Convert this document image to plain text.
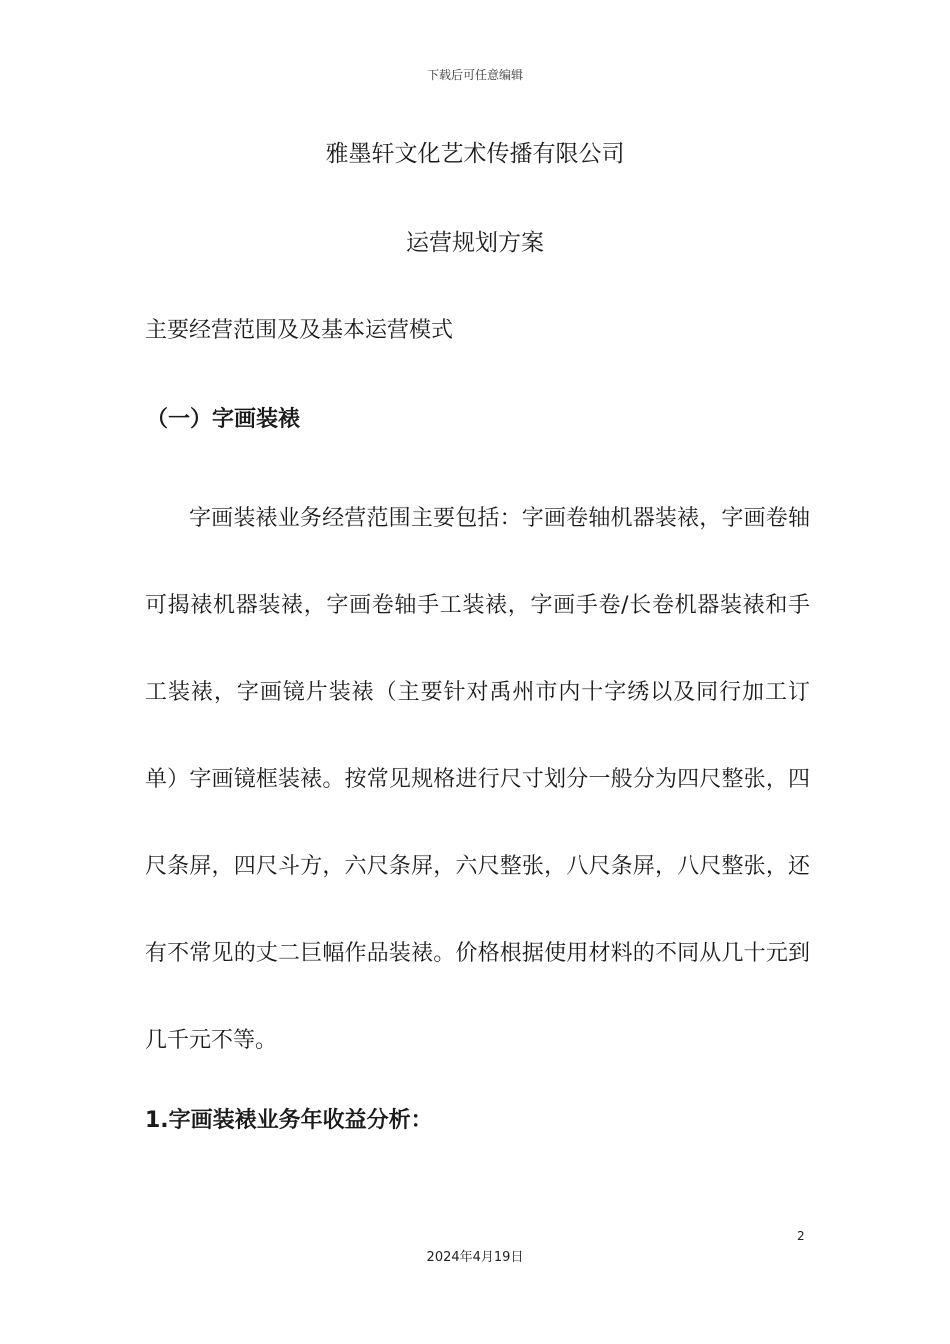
下载后可任意编辑
雅墨轩文化艺术传播有限公司
运营规划方案
主要经营范围及及基本运营模式
（一）字画装裱

字画装裱业务经营范围主要包括：字画卷轴机器装裱，字画卷轴可揭裱机器装裱，字画卷轴手工装裱，字画手卷/长卷机器装裱和手工装裱，字画镜片装裱（主要针对禹州市内十字绣以及同行加工订单）字画镜框装裱。按常见规格进行尺寸划分一般分为四尺整张，四尺条屏，四尺斗方，六尺条屏，六尺整张，八尺条屏，八尺整张，还有不常见的丈二巨幅作品装裱。价格根据使用材料的不同从几十元到几千元不等。

1.字画装裱业务年收益分析：
2
2024年4月19日
